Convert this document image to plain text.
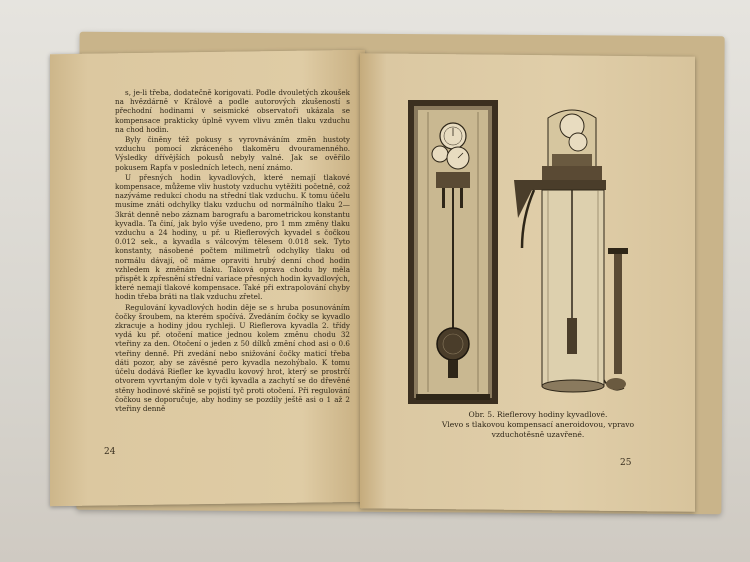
s, je-li třeba, dodatečně korigovati. Podle dvouletých zkoušek na hvězdárně v Králově a podle autorových zkušeností s přechodní hodinami v seismické observatoři ukázala se kompensace prakticky úplně vyvem vlivu změn tlaku vzduchu na chod hodin.

Byly činěny též pokusy s vyrovnáváním změn hustoty vzduchu pomocí zkráceného tlakoměru dvouramenného. Výsledky dřívějších pokusů nebyly valné. Jak se ověřilo pokusem Rapfa v posledních letech, není známo.

U přesných hodin kyvadlových, které nemají tlakové kompensace, můžeme vliv hustoty vzduchu vytěžiti početně, což nazýváme redukcí chodu na střední tlak vzduchu. K tomu účelu musíme znáti odchylky tlaku vzduchu od normálního tlaku 2—3krát denně nebo záznam barografu a barometrickou konstantu kyvadla. Ta činí, jak bylo výše uvedeno, pro 1 mm změny tlaku vzduchu a 24 hodiny, u př. u Rieflerových kyvadel s čočkou 0.012 sek., a kyvadla s válcovým tělesem 0.018 sek. Tyto konstanty, násobené počtem milimetrů odchylky tlaku od normálu dávají, oč máme opraviti hrubý denní chod hodin vzhledem k změnám tlaku. Taková oprava chodu by měla přispět k zpřesnění střední variace přesných hodin kyvadlových, které nemají tlakové kompensace. Také při extrapolování chyby hodin třeba bráti na tlak vzduchu zřetel.

Regulování kyvadlových hodin děje se s hruba posunováním čočky šroubem, na kterém spočívá. Zvedáním čočky se kyvadlo zkracuje a hodiny jdou rychleji. U Rieflerova kyvadla 2. třídy vydá ku př. otočení matice jednou kolem změnu chodu 32 vteřiny za den. Otočení o jeden z 50 dílků změní chod asi o 0.6 vteřiny denně. Při zvedání nebo snižování čočky maticí třeba dáti pozor, aby se závěsné pero kyvadla nezohýbalo. K tomu účelu dodává Riefler ke kyvadlu kovový hrot, který se prostrčí otvorem vyvrtaným dole v tyči kyvadla a zachytí se do dřevěné stěny hodinové skříně se pojistí tyč proti otočení. Při regulování čočkou se doporučuje, aby hodiny se pozdily ještě asi o 1 až 2 vteřiny denně

24
Obr. 5. Rieflerovy hodiny kyvadlové.
Vlevo s tlakovou kompensací aneroidovou, vpravo
vzduchotěsně uzavřené.
25
